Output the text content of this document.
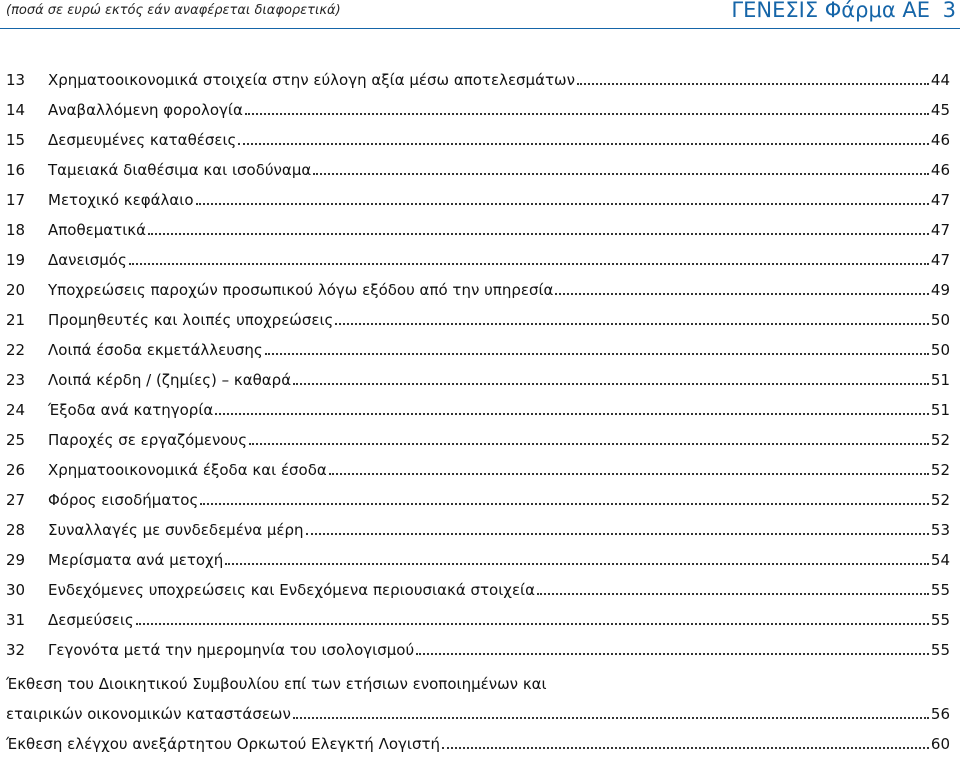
(ποσά σε ευρώ εκτός εάν αναφέρεται διαφορετικά)	ΓΕΝΕΣΙΣ Φάρμα ΑΕ 3
13	Χρηματοοικονομικά στοιχεία στην εύλογη αξία μέσω αποτελεσμάτων	44
14	Αναβαλλόμενη φορολογία	45
15	Δεσμευμένες καταθέσεις	46
16	Ταμειακά διαθέσιμα και ισοδύναμα	46
17	Μετοχικό κεφάλαιο	47
18	Αποθεματικά	47
19	Δανεισμός	47
20	Υποχρεώσεις παροχών προσωπικού λόγω εξόδου από την υπηρεσία	49
21	Προμηθευτές και λοιπές υποχρεώσεις	50
22	Λοιπά έσοδα εκμετάλλευσης	50
23	Λοιπά κέρδη / (ζημίες) – καθαρά	51
24	Έξοδα ανά κατηγορία	51
25	Παροχές σε εργαζόμενους	52
26	Χρηματοοικονομικά έξοδα και έσοδα	52
27	Φόρος εισοδήματος	52
28	Συναλλαγές με συνδεδεμένα μέρη	53
29	Μερίσματα ανά μετοχή	54
30	Ενδεχόμενες υποχρεώσεις και Ενδεχόμενα περιουσιακά στοιχεία	55
31	Δεσμεύσεις	55
32	Γεγονότα μετά την ημερομηνία του ισολογισμού	55
Έκθεση του Διοικητικού Συμβουλίου επί των ετήσιων ενοποιημένων και
εταιρικών οικονομικών καταστάσεων	56
Έκθεση ελέγχου ανεξάρτητου Ορκωτού Ελεγκτή Λογιστή	60
